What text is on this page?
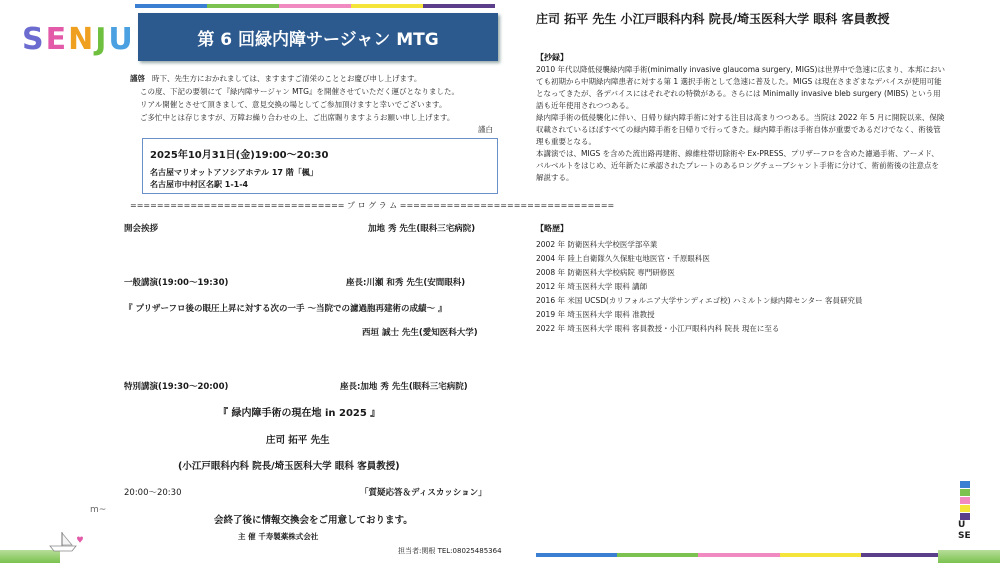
SENJU	第 6 回緑内障サージャン MTG
謹啓 時下、先生方におかれましては、ますますご清栄のこととお慶び申し上げます。
この度、下記の要領にて『緑内障サージャン MTG』を開催させていただく運びとなりました。
リアル開催とさせて頂きまして、意見交換の場としてご参加頂けますと幸いでございます。
ご多忙中とは存じますが、万障お繰り合わせの上、ご出席賜りますようお願い申し上げます。
謹白
2025年10月31日(金)19:00～20:30
名古屋マリオットアソシアホテル 17 階「楓」
名古屋市中村区名駅 1-1-4
================================ プ ロ グ ラ ム ================================
開会挨拶	加地 秀 先生(眼科三宅病院)
一般講演(19:00～19:30)	座長:川瀬 和秀 先生(安間眼科)
『 プリザーフロ後の眼圧上昇に対する次の一手 ～当院での濾過胞再建術の成績～ 』
西垣 誠士 先生(愛知医科大学)
特別講演(19:30～20:00)	座長:加地 秀 先生(眼科三宅病院)
『 緑内障手術の現在地 in 2025 』
庄司 拓平 先生
(小江戸眼科内科 院長/埼玉医科大学 眼科 客員教授)
20:00～20:30	「質疑応答＆ディスカッション」
会終了後に情報交換会をご用意しております。
主 催 千寿製薬株式会社
担当者:関根 TEL:08025485364
庄司 拓平 先生 小江戸眼科内科 院長/埼玉医科大学 眼科 客員教授
【抄録】
2010 年代以降低侵襲緑内障手術(minimally invasive glaucoma surgery, MIGS)は世界中で急速に広まり、本邦においても初期から中期緑内障患者に対する第 1 選択手術として急速に普及した。MIGS は現在さまざまなデバイスが使用可能となってきたが、各デバイスにはそれぞれの特徴がある。さらには Minimally invasive bleb surgery (MIBS) という用語も近年使用されつつある。
緑内障手術の低侵襲化に伴い、日帰り緑内障手術に対する注目は高まりつつある。当院は 2022 年 5 月に開院以来、保険収載されているほぼすべての緑内障手術を日帰りで行ってきた。緑内障手術は手術自体が重要であるだけでなく、術後管理も重要となる。
本講演では、MIGS を含めた流出路再建術、線維柱帯切除術や Ex-PRESS、プリザーフロを含めた濾過手術、アーメド、バルベルトをはじめ、近年新たに承認されたプレートのあるロングチューブシャント手術に分けて、術前術後の注意点を解説する。
【略歴】
2002 年 防衛医科大学校医学部卒業
2004 年 陸上自衛隊久久保駐屯地医官・千原眼科医
2008 年 防衛医科大学校病院 専門研修医
2012 年 埼玉医科大学 眼科 講師
2016 年 米国 UCSD(カリフォルニア大学サンディエゴ校) ハミルトン緑内障センター 客員研究員
2019 年 埼玉医科大学 眼科 准教授
2022 年 埼玉医科大学 眼科 客員教授・小江戸眼科内科 院長 現在に至る
U
SE
m~
